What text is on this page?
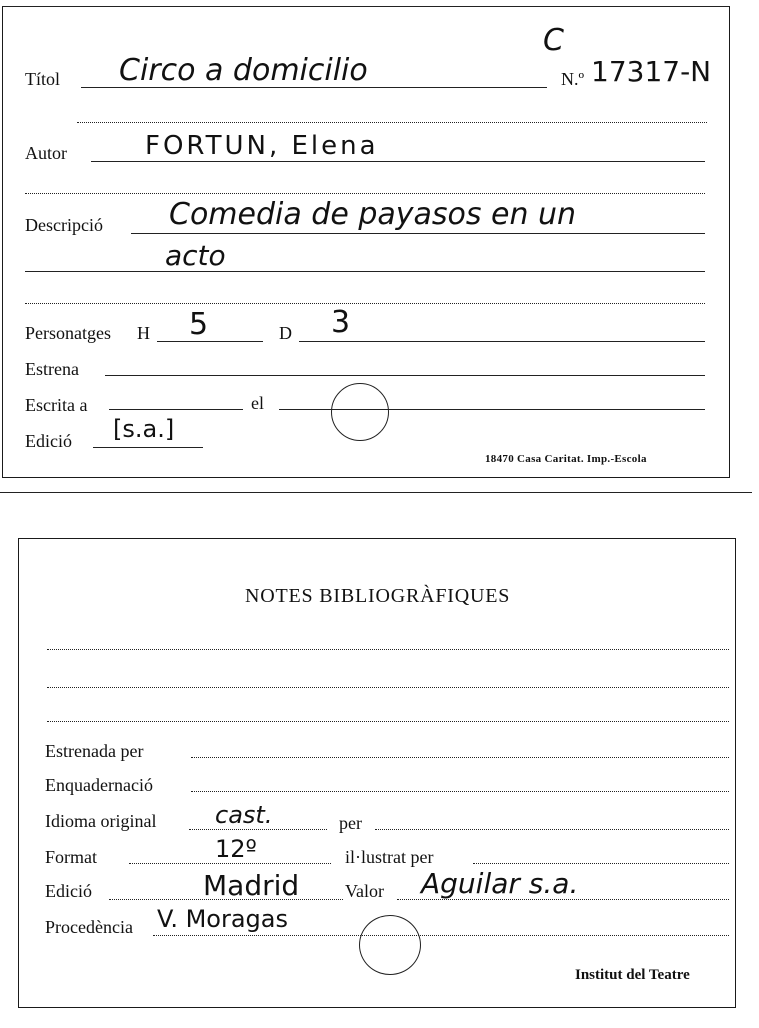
C
Títol Circo a domicilio	N.º 17317-N
Autor	FORTUN, Elena
Descripció Comedia de payasos en un
acto
Personatges H 5	D 3
Estrena
Escrita a	el
Edició [s.a.]
18470 Casa Caritat. Imp.-Escola
NOTES BIBLIOGRÀFIQUES
Estrenada per
Enquadernació
Idioma original cast.	per
Format	12º	il·lustrat per
Edició	Madrid	Valor Aguilar s.a.
Procedència V. Moragas
Institut del Teatre
